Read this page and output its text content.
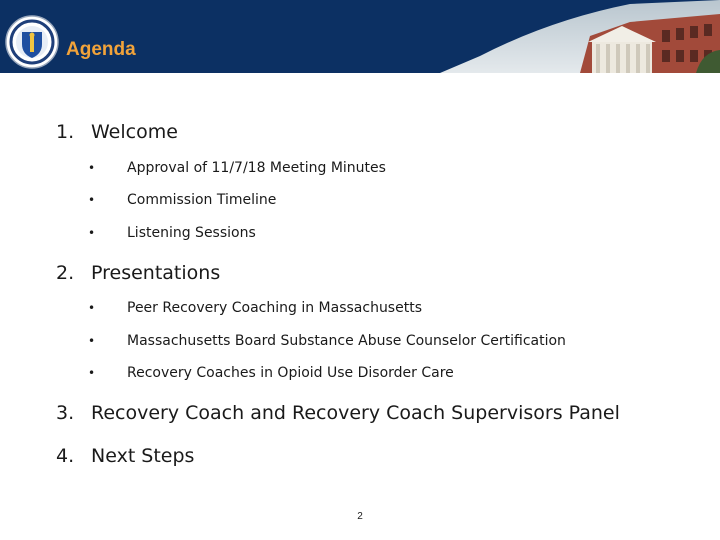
Agenda
1. Welcome
• Approval of 11/7/18 Meeting Minutes
• Commission Timeline
• Listening Sessions
2. Presentations
• Peer Recovery Coaching in Massachusetts
• Massachusetts Board Substance Abuse Counselor Certification
• Recovery Coaches in Opioid Use Disorder Care
3. Recovery Coach and Recovery Coach Supervisors Panel
4. Next Steps
2
